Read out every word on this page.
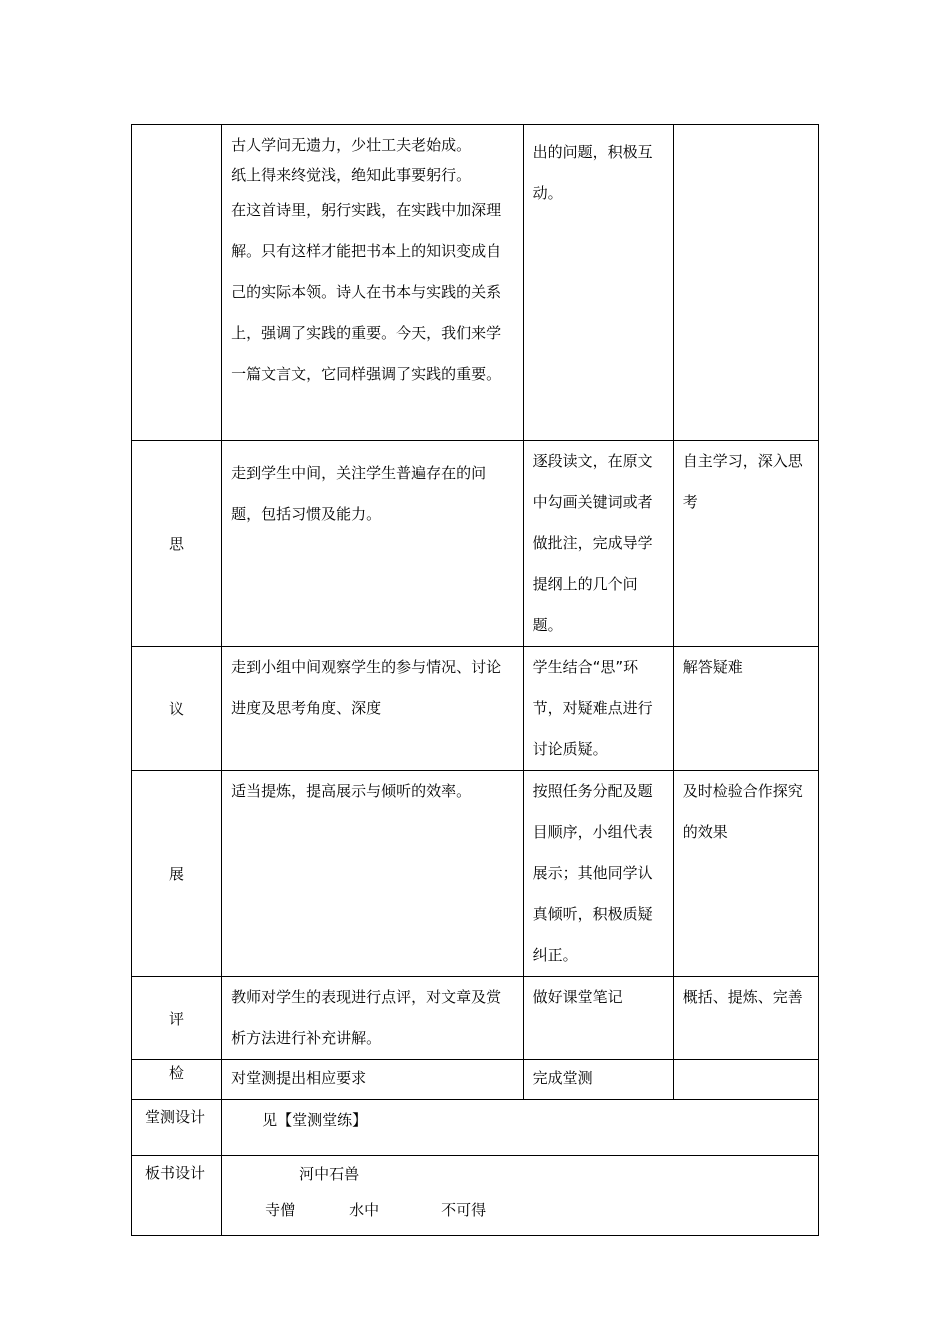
	古人学问无遗力，少壮工夫老始成。
纸上得来终觉浅，绝知此事要躬行。
在这首诗里，躬行实践，在实践中加深理解。只有这样才能把书本上的知识变成自己的实际本领。诗人在书本与实践的关系上，强调了实践的重要。今天，我们来学一篇文言文，它同样强调了实践的重要。	出的问题，积极互动。	

思	走到学生中间，关注学生普遍存在的问题，包括习惯及能力。	逐段读文，在原文中勾画关键词或者做批注，完成导学提纲上的几个问题。	自主学习，深入思考

议	走到小组中间观察学生的参与情况、讨论进度及思考角度、深度	学生结合“思”环节，对疑难点进行讨论质疑。	解答疑难

展	适当提炼，提高展示与倾听的效率。	按照任务分配及题目顺序，小组代表展示；其他同学认真倾听，积极质疑纠正。	及时检验合作探究的效果

评	教师对学生的表现进行点评，对文章及赏析方法进行补充讲解。	做好课堂笔记	概括、提炼、完善

检	对堂测提出相应要求	完成堂测	

堂测设计	见【堂测堂练】		

板书设计	河中石兽
寺僧 水中 不可得		
